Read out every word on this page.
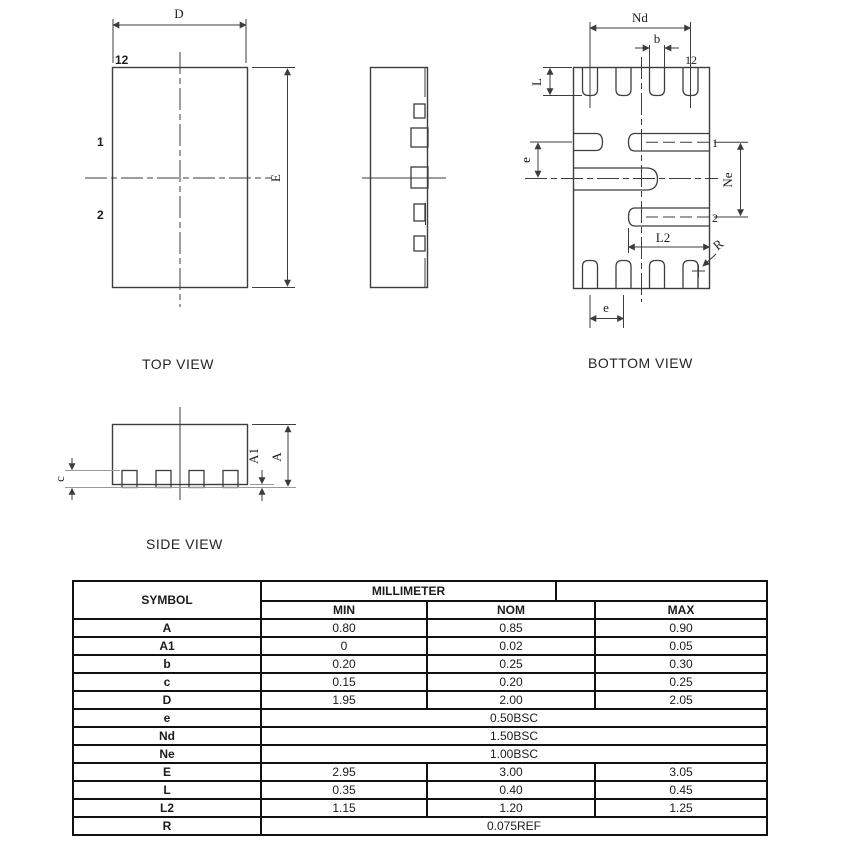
D
E
12
1
2
TOP VIEW
Nd
b
12
L
e
Ne
1
2
L2	R
e
BOTTOM VIEW
c
A1 A
SIDE VIEW
SYMBOL
MILLIMETER
MIN	NOM	MAX
A	0.80	0.85	0.90
A1	0	0.02	0.05
b	0.20	0.25	0.30
c	0.15	0.20	0.25
D	1.95	2.00	2.05
e	0.50BSC
Nd	1.50BSC
Ne	1.00BSC
E	2.95	3.00	3.05
L	0.35	0.40	0.45
L2	1.15	1.20	1.25
R	0.075REF
